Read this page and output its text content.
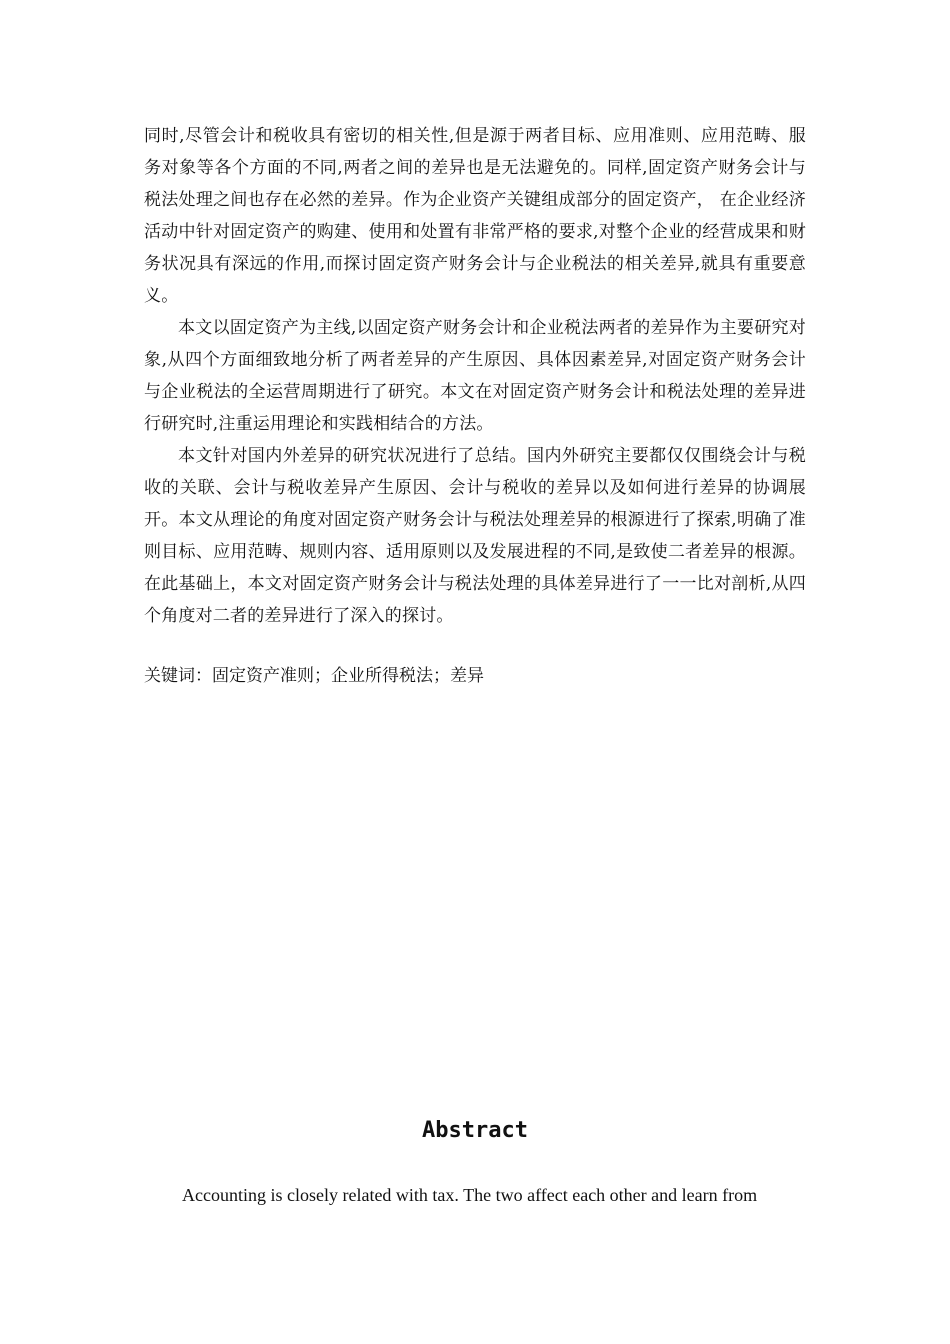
同时,尽管会计和税收具有密切的相关性,但是源于两者目标、应用准则、应用范畴、服务对象等各个方面的不同,两者之间的差异也是无法避免的。同样,固定资产财务会计与税法处理之间也存在必然的差异。作为企业资产关键组成部分的固定资产， 在企业经济活动中针对固定资产的购建、使用和处置有非常严格的要求,对整个企业的经营成果和财务状况具有深远的作用,而探讨固定资产财务会计与企业税法的相关差异,就具有重要意义。

本文以固定资产为主线,以固定资产财务会计和企业税法两者的差异作为主要研究对象,从四个方面细致地分析了两者差异的产生原因、具体因素差异,对固定资产财务会计与企业税法的全运营周期进行了研究。本文在对固定资产财务会计和税法处理的差异进行研究时,注重运用理论和实践相结合的方法。

本文针对国内外差异的研究状况进行了总结。国内外研究主要都仅仅围绕会计与税收的关联、会计与税收差异产生原因、会计与税收的差异以及如何进行差异的协调展开。本文从理论的角度对固定资产财务会计与税法处理差异的根源进行了探索,明确了准则目标、应用范畴、规则内容、适用原则以及发展进程的不同,是致使二者差异的根源。在此基础上，本文对固定资产财务会计与税法处理的具体差异进行了一一比对剖析,从四个角度对二者的差异进行了深入的探讨。

关键词：固定资产准则；企业所得税法；差异

Abstract

Accounting is closely related with tax. The two affect each other and learn from
